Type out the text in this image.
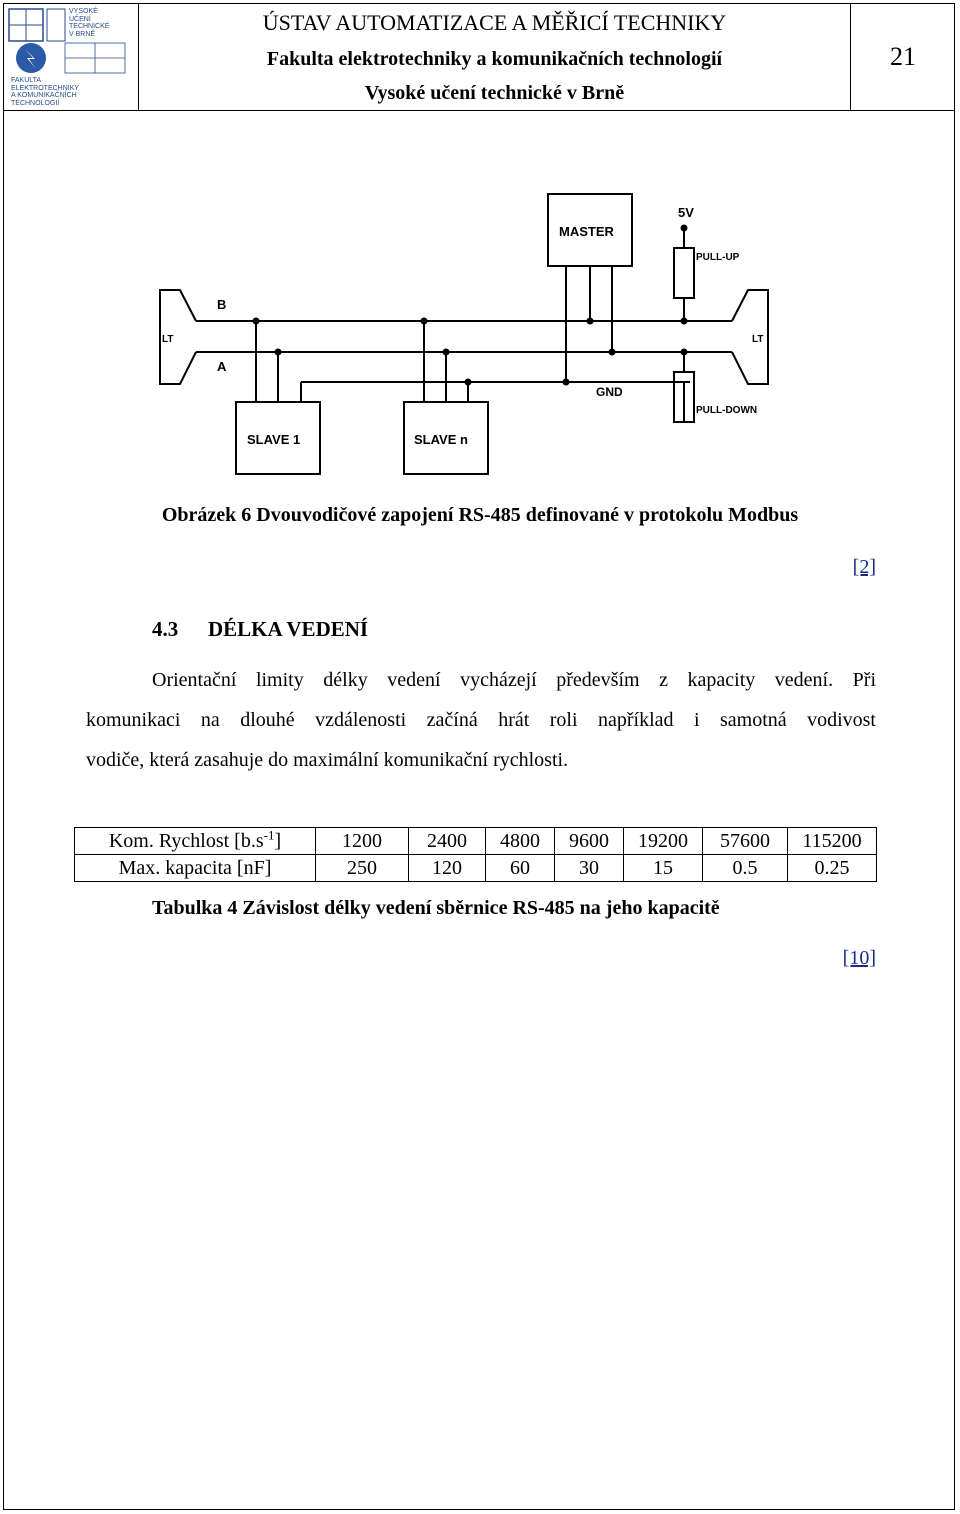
VYSOKÉ
UČENÍ
TECHNICKÉ
V BRNĚ
FAKULTA
ELEKTROTECHNIKY
A KOMUNIKAČNÍCH
TECHNOLOGIÍ
ÚSTAV AUTOMATIZACE A MĚŘICÍ TECHNIKY
Fakulta elektrotechniky a komunikačních technologií
Vysoké učení technické v Brně
21
MASTER
5V
PULL-UP
PULL-DOWN
GND
B
A
LT	LT
SLAVE 1	SLAVE n
Obrázek 6 Dvouvodičové zapojení RS-485 definované v protokolu Modbus
[2]
4.3 DÉLKA VEDENÍ
Orientační limity délky vedení vycházejí především z kapacity vedení. Při
komunikaci na dlouhé vzdálenosti začíná hrát roli například i samotná vodivost
vodiče, která zasahuje do maximální komunikační rychlosti.
Kom. Rychlost $[b.s^{-1}]$	1200	2400	4800	9600	19200	57600	115200
Max. kapacita [nF]	250	120	60	30	15	0.5	0.25
Tabulka 4 Závislost délky vedení sběrnice RS-485 na jeho kapacitě
[10]
